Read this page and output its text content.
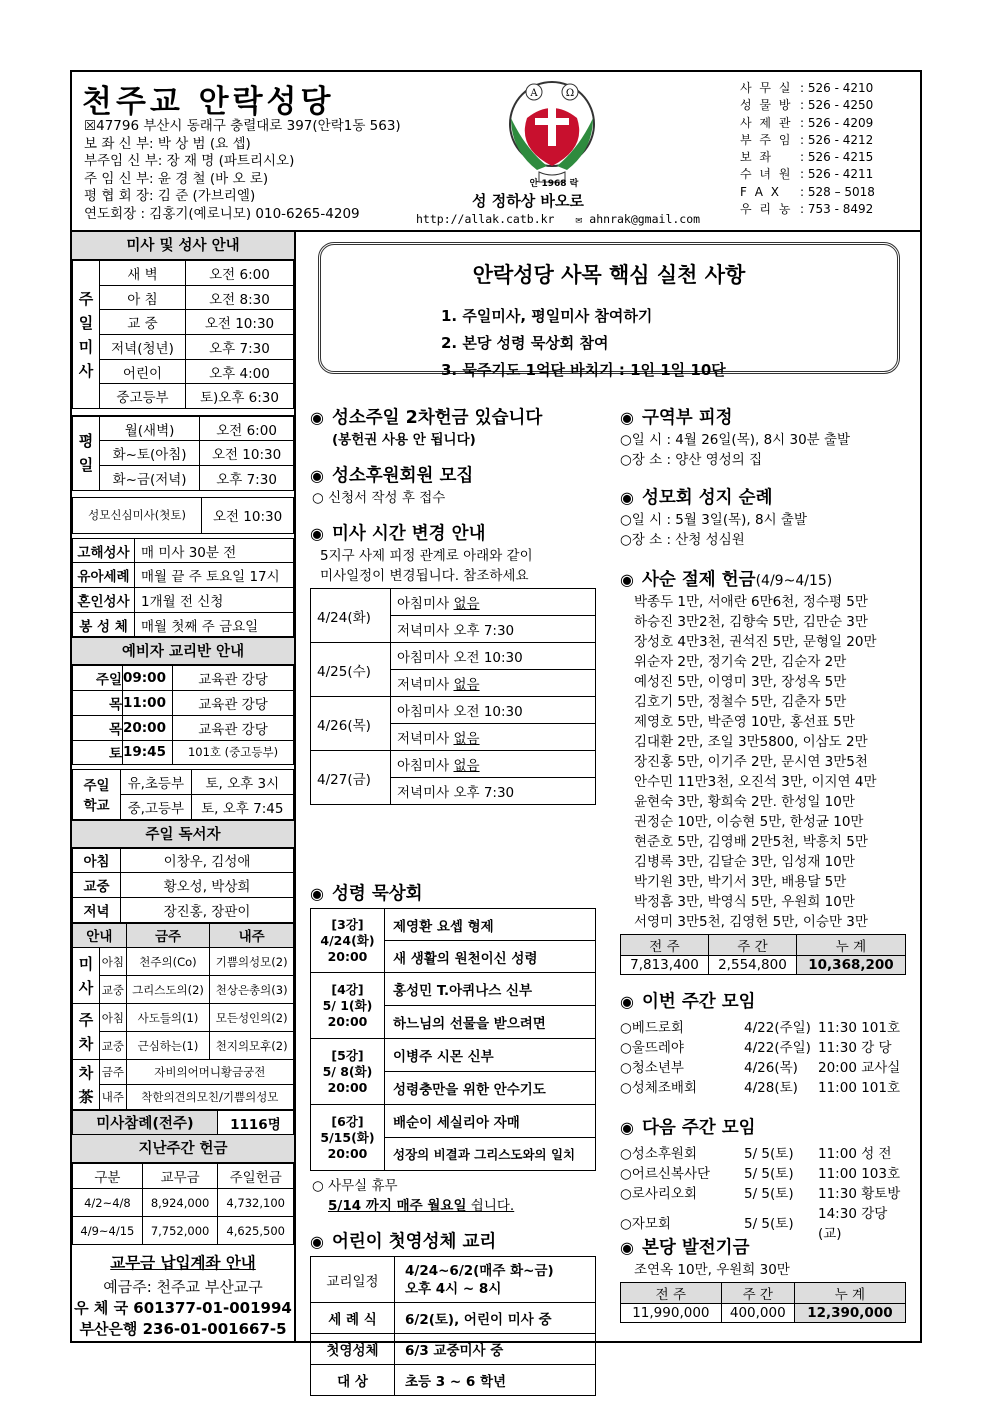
천주교 안락성당
☒47796 부산시 동래구 충렬대로 397(안락1동 563)
보 좌 신 부: 박 상 범 (요 셉)
부주임 신 부: 장 재 명 (파트리시오)
주 임 신 부: 윤 경 철 (바 오 로)
평 협 회 장: 김 준 (가브리엘)
연도회장 : 김홍기(예로니모) 010-6265-4209
A	Ω
안 1968 락
성 정하상 바오로
http://allak.catb.kr ✉ ahnrak@gmail.com
사 무 실 : 526 - 4210
성 물 방 : 526 - 4250
사 제 관 : 526 - 4209
부 주 임 : 526 - 4212
보 좌 : 526 - 4215
수 녀 원 : 526 - 4211
F A X : 528 – 5018
우 리 농 : 753 - 8492
미사 및 성사 안내
주
일
미
사	새 벽	오전 6:00
	아 침	오전 8:30
	교 중	오전 10:30
	저녁(청년)	오후 7:30
	어린이	오후 4:00
	중고등부	토)오후 6:30
평
일	월(새벽)	오전 6:00
	화~토(아침)	오전 10:30
	화~금(저녁)	오후 7:30
성모신심미사(첫토)	오전 10:30
고해성사	매 미사 30분 전
유아세례	매월 끝 주 토요일 17시
혼인성사	1개월 전 신청
봉 성 체	매월 첫째 주 금요일
예비자 교리반 안내
주일	09:00	교육관 강당
목	11:00	교육관 강당
목	20:00	교육관 강당
토	19:45	101호 (중고등부)
주일
학교	유,초등부	토, 오후 3시
	중,고등부	토, 오후 7:45
주일 독서자
아침	이창우, 김성애
교중	황오성, 박상희
저녁	장진홍, 장판이
안내		금주	내주
미
사	아침	천주의(Co)	기쁨의성모(2)
	교중	그리스도의(2)	천상은총의(3)
주
차	아침	사도들의(1)	모든성인의(2)
	교중	근심하는(1)	천지의모후(2)
차
茶	금주	자비의어머니황금궁전	
	내주	착한의견의모친/기쁨의성모	
미사참례(전주)	1116명
지난주간 헌금
구분	교무금	주일헌금
4/2~4/8	8,924,000	4,732,100
4/9~4/15	7,752,000	4,625,500
교무금 납입계좌 안내
예금주: 천주교 부산교구
우 체 국 601377-01-001994
부산은행 236-01-001667-5
안락성당 사목 핵심 실천 사항
1. 주일미사, 평일미사 참여하기
2. 본당 성령 묵상회 참여
3. 묵주기도 1억단 바치기 : 1인 1일 10단
◉ 성소주일 2차헌금 있습니다
(봉헌권 사용 안 됩니다)
◉ 성소후원회원 모집
○ 신청서 작성 후 접수
◉ 미사 시간 변경 안내
5지구 사제 피정 관계로 아래와 같이
미사일정이 변경됩니다. 참조하세요
4/24(화)	아침미사 없음
	저녁미사 오후 7:30
4/25(수)	아침미사 오전 10:30
	저녁미사 없음
4/26(목)	아침미사 오전 10:30
	저녁미사 없음
4/27(금)	아침미사 없음
	저녁미사 오후 7:30
◉ 성령 묵상회
[3강]
4/24(화)
20:00	제영환 요셉 형제
	새 생활의 원천이신 성령

[4강]
5/ 1(화)
20:00	홍성민 T.아퀴나스 신부
	하느님의 선물을 받으려면

[5강]
5/ 8(화)
20:00	이병주 시몬 신부
	성령충만을 위한 안수기도

[6강]
5/15(화)
20:00	배순이 세실리아 자매
	성장의 비결과 그리스도와의 일치
○ 사무실 휴무
5/14 까지 매주 월요일 쉽니다.
◉ 어린이 첫영성체 교리
교리일정	4/24~6/2(매주 화~금)
오후 4시 ~ 8시

세 례 식	6/2(토), 어린이 미사 중
첫영성체	6/3 교중미사 중
대 상	초등 3 ~ 6 학년
◉ 구역부 피정
○일 시 : 4월 26일(목), 8시 30분 출발
○장 소 : 양산 영성의 집
◉ 성모회 성지 순례
○일 시 : 5월 3일(목), 8시 출발
○장 소 : 산청 성심원
◉ 사순 절제 헌금(4/9~4/15)
박종두 1만, 서애란 6만6천, 정수평 5만
하승진 3만2천, 김향숙 5만, 김만순 3만
장성호 4만3천, 권석진 5만, 문형일 20만
위순자 2만, 정기숙 2만, 김순자 2만
예성진 5만, 이영미 3만, 장성옥 5만
김호기 5만, 정철수 5만, 김춘자 5만
제영호 5만, 박준영 10만, 홍선표 5만
김대환 2만, 조일 3만5800, 이삼도 2만
장진홍 5만, 이기주 2만, 문시연 3만5천
안수민 11만3천, 오진석 3만, 이지연 4만
윤현숙 3만, 황희숙 2만. 한성일 10만
권정순 10만, 이승현 5만, 한성균 10만
현준호 5만, 김영배 2만5천, 박흥치 5만
김병록 3만, 김달순 3만, 임성재 10만
박기원 3만, 박기서 3만, 배용달 5만
박정흠 3만, 박영식 5만, 우원희 10만
서영미 3만5천, 김영헌 5만, 이승만 3만
전 주	주 간	누 계
7,813,400	2,554,800	10,368,200
◉ 이번 주간 모임
○베드로회	4/22(주일)	11:30 101호
○울뜨레야	4/22(주일)	11:30 강 당
○청소년부	4/26(목)	20:00 교사실
○성체조배회	4/28(토)	11:00 101호
◉ 다음 주간 모임
○성소후원회	5/ 5(토)	11:00 성 전
○어르신복사단	5/ 5(토)	11:00 103호
○로사리오회	5/ 5(토)	11:30 황토방
○자모회	5/ 5(토)	14:30 강당(교)
◉ 본당 발전기금
조연옥 10만, 우원희 30만
전 주	주 간	누 계
11,990,000	400,000	12,390,000
